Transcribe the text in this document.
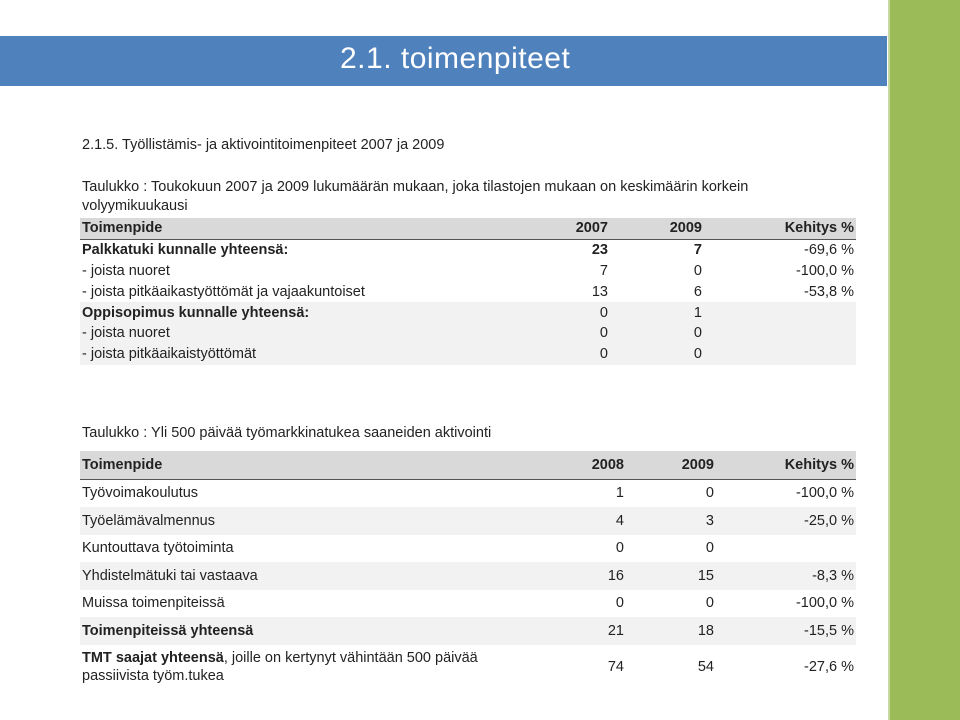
2.1. toimenpiteet
2.1.5. Työllistämis- ja aktivointitoimenpiteet 2007 ja 2009
Taulukko : Toukokuun 2007 ja 2009 lukumäärän mukaan, joka tilastojen mukaan on keskimäärin korkein volyymikuukausi
Toimenpide	2007	2009	Kehitys %
Palkkatuki kunnalle yhteensä:	23	7	-69,6 %
- joista nuoret	7	0	-100,0 %
- joista pitkäaikastyöttömät ja vajaakuntoiset	13	6	-53,8 %
Oppisopimus kunnalle yhteensä:	0	1	
- joista nuoret	0	0	
- joista pitkäaikaistyöttömät	0	0	
Taulukko : Yli 500 päivää työmarkkinatukea saaneiden aktivointi
Toimenpide	2008	2009	Kehitys %
Työvoimakoulutus	1	0	-100,0 %
Työelämävalmennus	4	3	-25,0 %
Kuntouttava työtoiminta	0	0	
Yhdistelmätuki tai vastaava	16	15	-8,3 %
Muissa toimenpiteissä	0	0	-100,0 %
Toimenpiteissä yhteensä	21	18	-15,5 %
TMT saajat yhteensä, joille on kertynyt vähintään 500 päivää passiivista työm.tukea	74	54	-27,6 %
